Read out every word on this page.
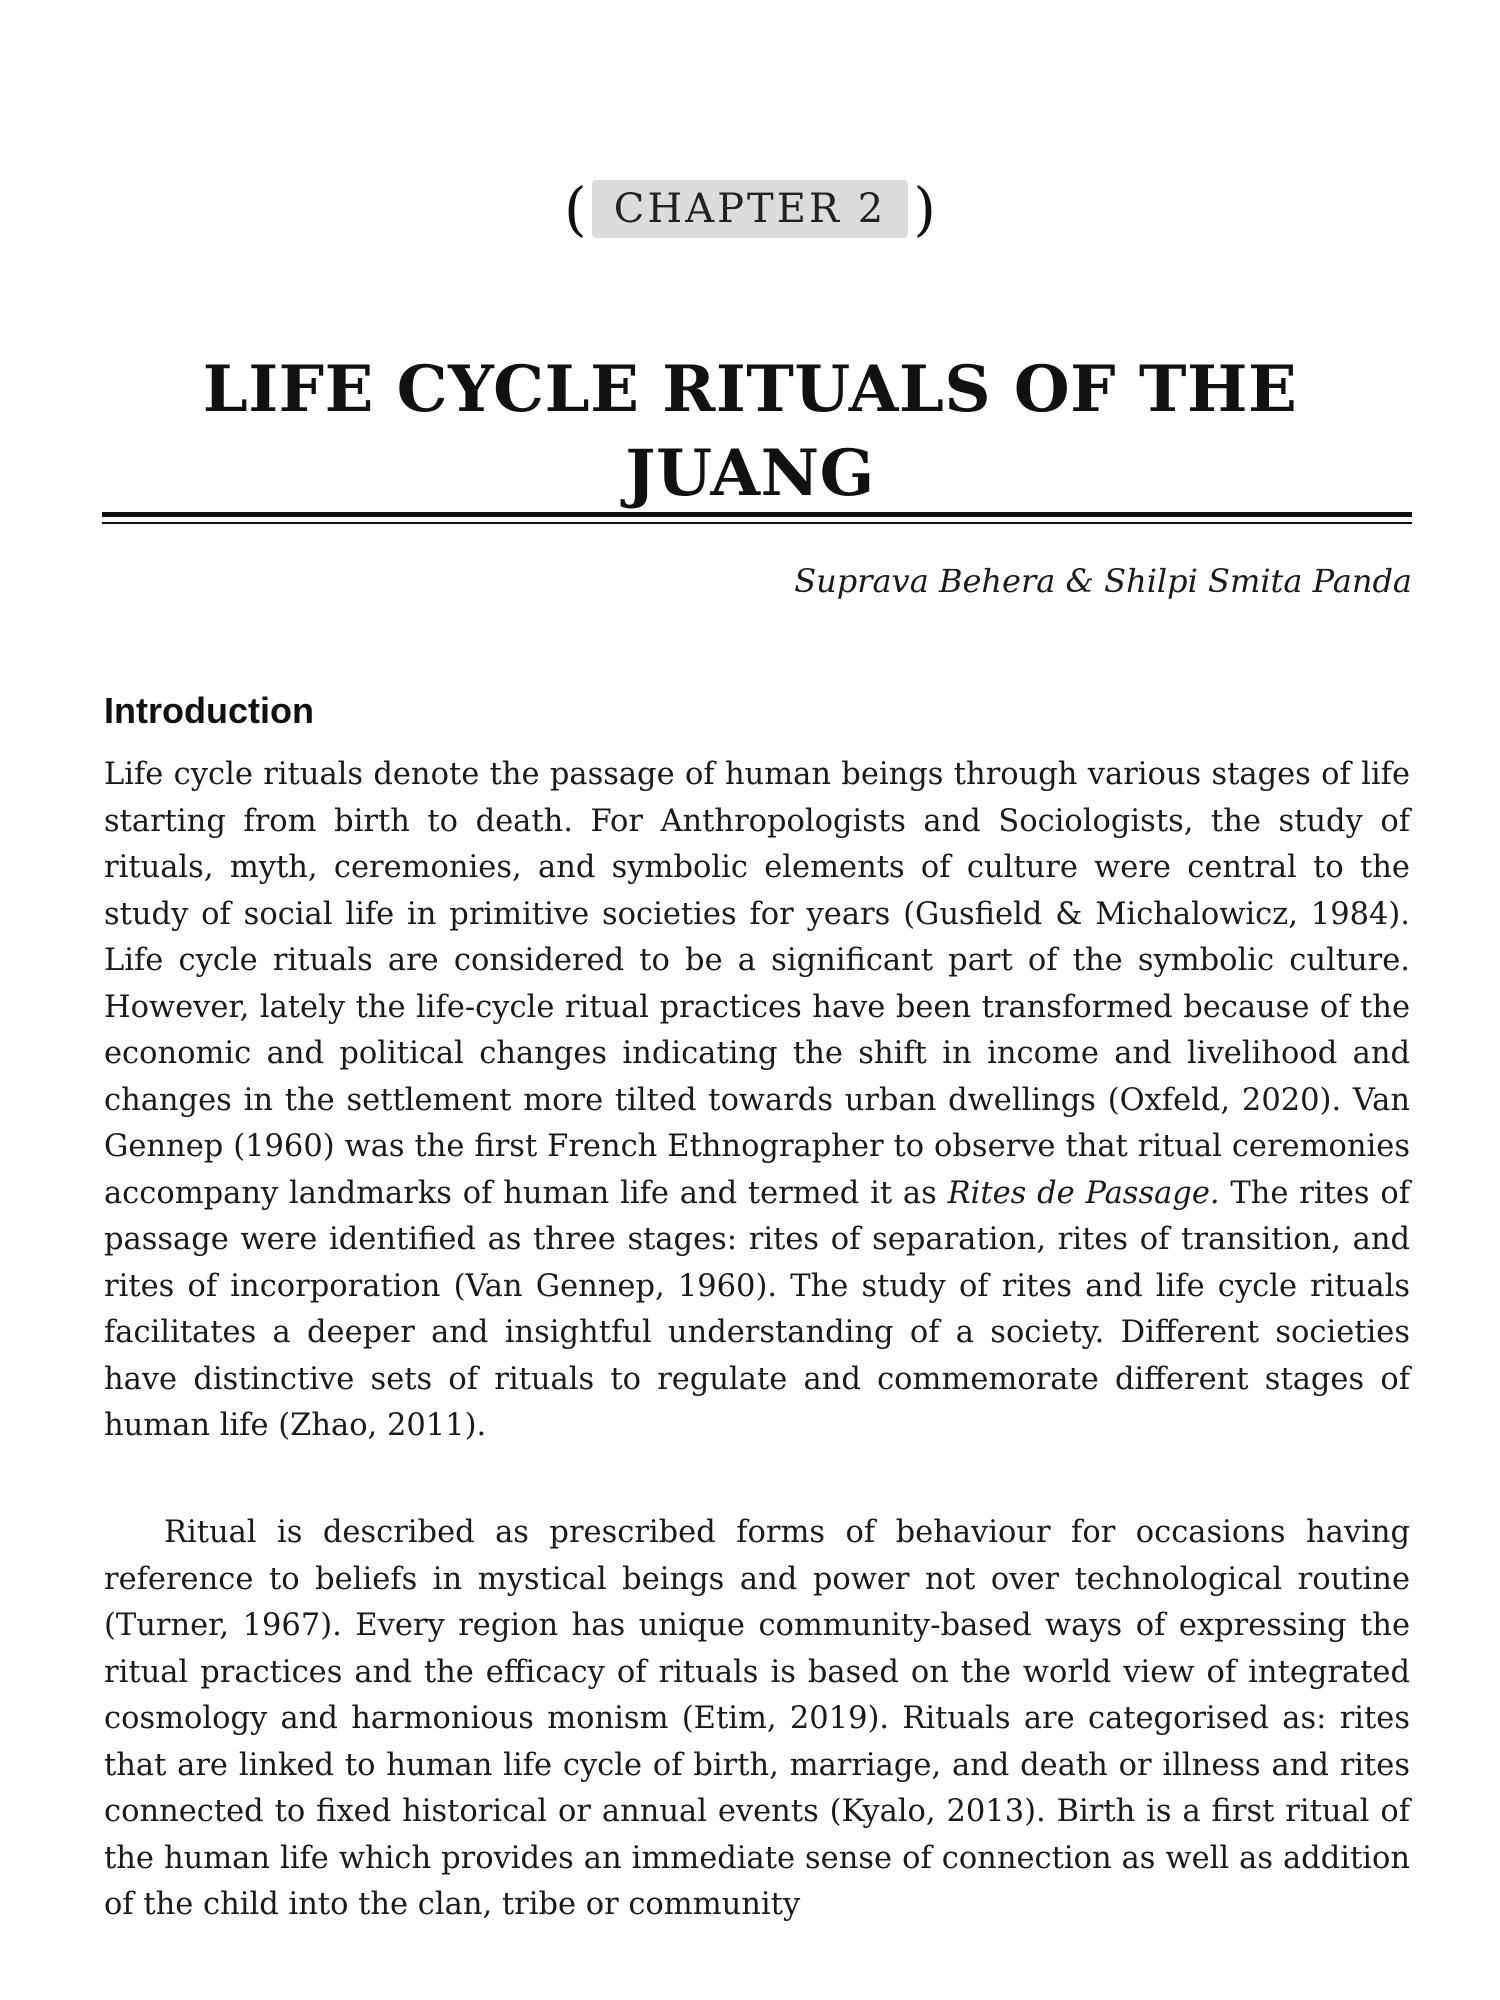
( CHAPTER 2 )
LIFE CYCLE RITUALS OF THE JUANG
Suprava Behera & Shilpi Smita Panda
Introduction

Life cycle rituals denote the passage of human beings through various stages of life starting from birth to death. For Anthropologists and Sociologists, the study of rituals, myth, ceremonies, and symbolic elements of culture were central to the study of social life in primitive societies for years (Gusfield & Michalowicz, 1984). Life cycle rituals are considered to be a significant part of the symbolic culture. However, lately the life-cycle ritual practices have been transformed because of the economic and political changes indicating the shift in income and livelihood and changes in the settlement more tilted towards urban dwellings (Oxfeld, 2020). Van Gennep (1960) was the first French Ethnographer to observe that ritual ceremonies accompany landmarks of human life and termed it as Rites de Passage. The rites of passage were identified as three stages: rites of separation, rites of transition, and rites of incorporation (Van Gennep, 1960). The study of rites and life cycle rituals facilitates a deeper and insightful understanding of a society. Different societies have distinctive sets of rituals to regulate and commemorate different stages of human life (Zhao, 2011).

Ritual is described as prescribed forms of behaviour for occasions having reference to beliefs in mystical beings and power not over technological routine (Turner, 1967). Every region has unique community-based ways of expressing the ritual practices and the efficacy of rituals is based on the world view of integrated cosmology and harmonious monism (Etim, 2019). Rituals are categorised as: rites that are linked to human life cycle of birth, marriage, and death or illness and rites connected to fixed historical or annual events (Kyalo, 2013). Birth is a first ritual of the human life which provides an immediate sense of connection as well as addition of the child into the clan, tribe or community
